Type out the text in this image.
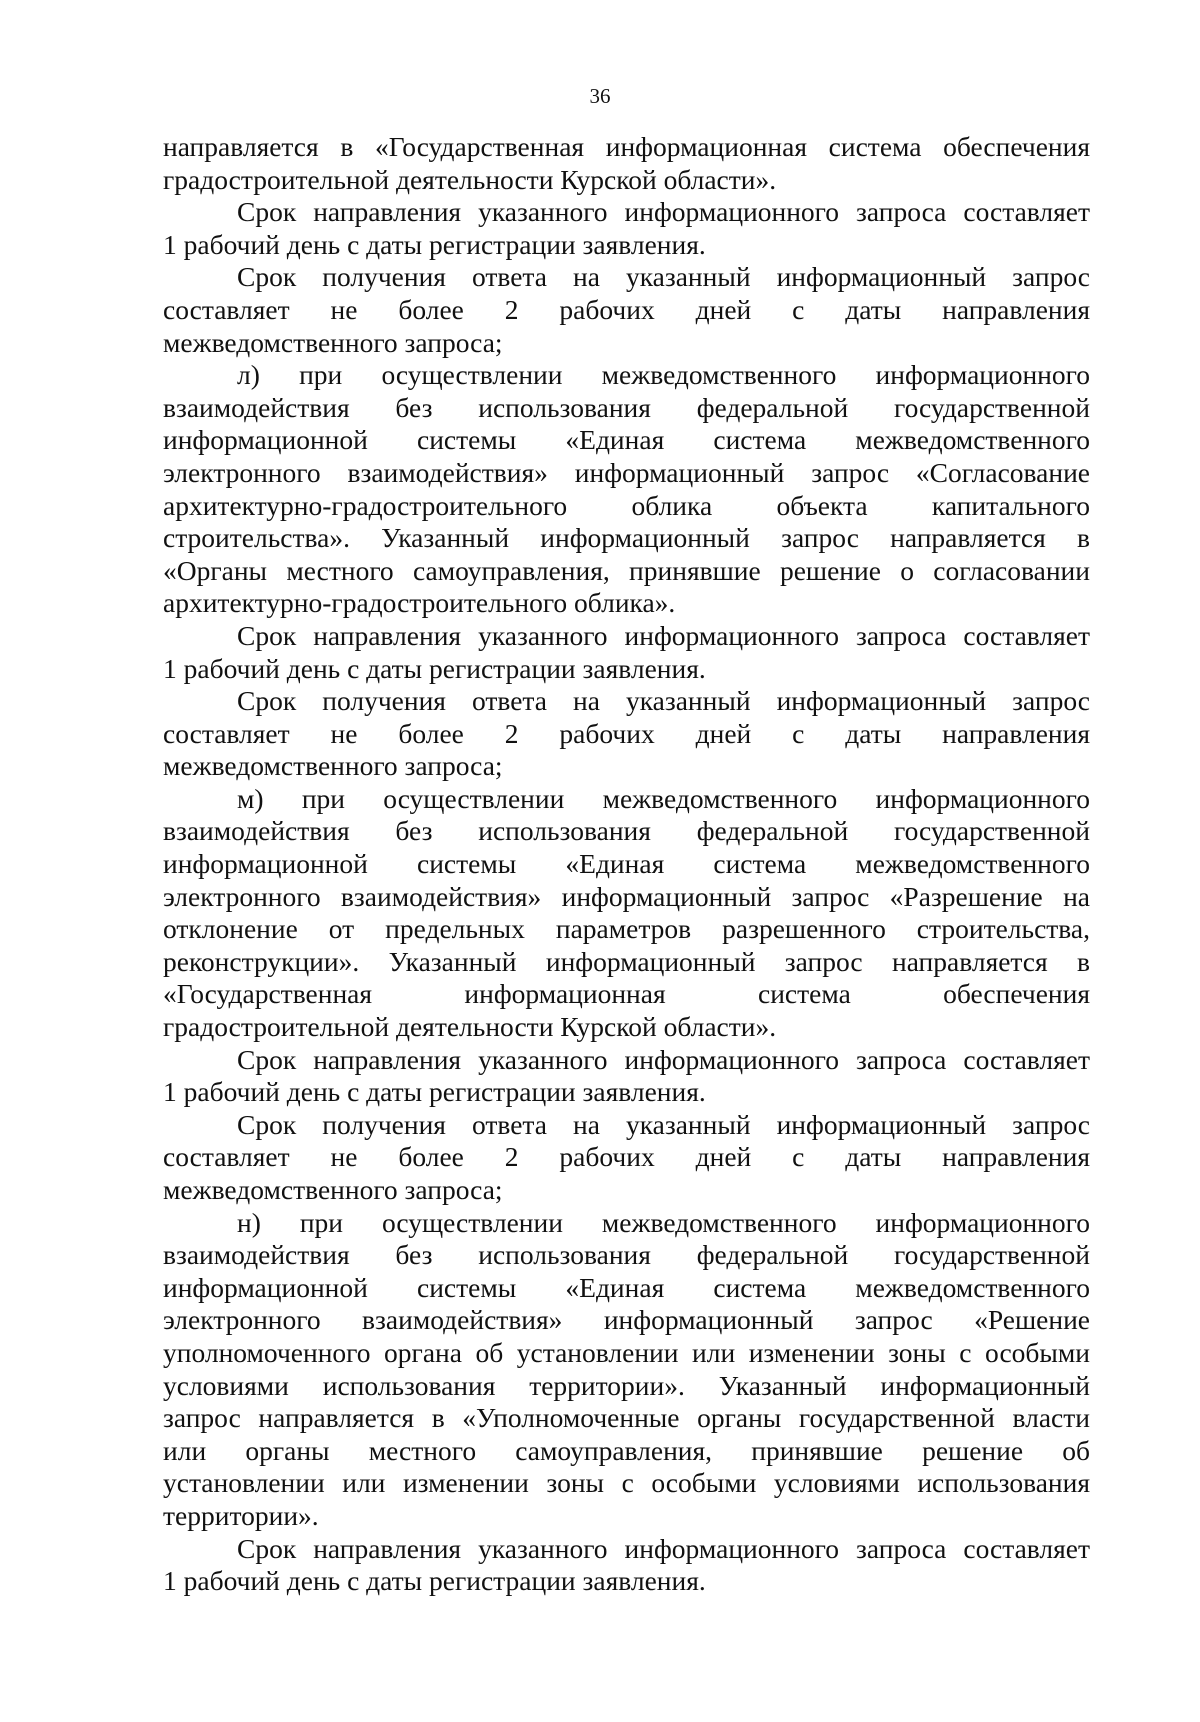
36
направляется в «Государственная информационная система обеспечения
градостроительной деятельности Курской области».
Срок направления указанного информационного запроса составляет
1 рабочий день с даты регистрации заявления.
Срок получения ответа на указанный информационный запрос
составляет не более 2 рабочих дней с даты направления
межведомственного запроса;
л) при осуществлении межведомственного информационного
взаимодействия без использования федеральной государственной
информационной системы «Единая система межведомственного
электронного взаимодействия» информационный запрос «Согласование
архитектурно-градостроительного облика объекта капитального
строительства». Указанный информационный запрос направляется в
«Органы местного самоуправления, принявшие решение о согласовании
архитектурно-градостроительного облика».
Срок направления указанного информационного запроса составляет
1 рабочий день с даты регистрации заявления.
Срок получения ответа на указанный информационный запрос
составляет не более 2 рабочих дней с даты направления
межведомственного запроса;
м) при осуществлении межведомственного информационного
взаимодействия без использования федеральной государственной
информационной системы «Единая система межведомственного
электронного взаимодействия» информационный запрос «Разрешение на
отклонение от предельных параметров разрешенного строительства,
реконструкции». Указанный информационный запрос направляется в
«Государственная информационная система обеспечения
градостроительной деятельности Курской области».
Срок направления указанного информационного запроса составляет
1 рабочий день с даты регистрации заявления.
Срок получения ответа на указанный информационный запрос
составляет не более 2 рабочих дней с даты направления
межведомственного запроса;
н) при осуществлении межведомственного информационного
взаимодействия без использования федеральной государственной
информационной системы «Единая система межведомственного
электронного взаимодействия» информационный запрос «Решение
уполномоченного органа об установлении или изменении зоны с особыми
условиями использования территории». Указанный информационный
запрос направляется в «Уполномоченные органы государственной власти
или органы местного самоуправления, принявшие решение об
установлении или изменении зоны с особыми условиями использования
территории».
Срок направления указанного информационного запроса составляет
1 рабочий день с даты регистрации заявления.
